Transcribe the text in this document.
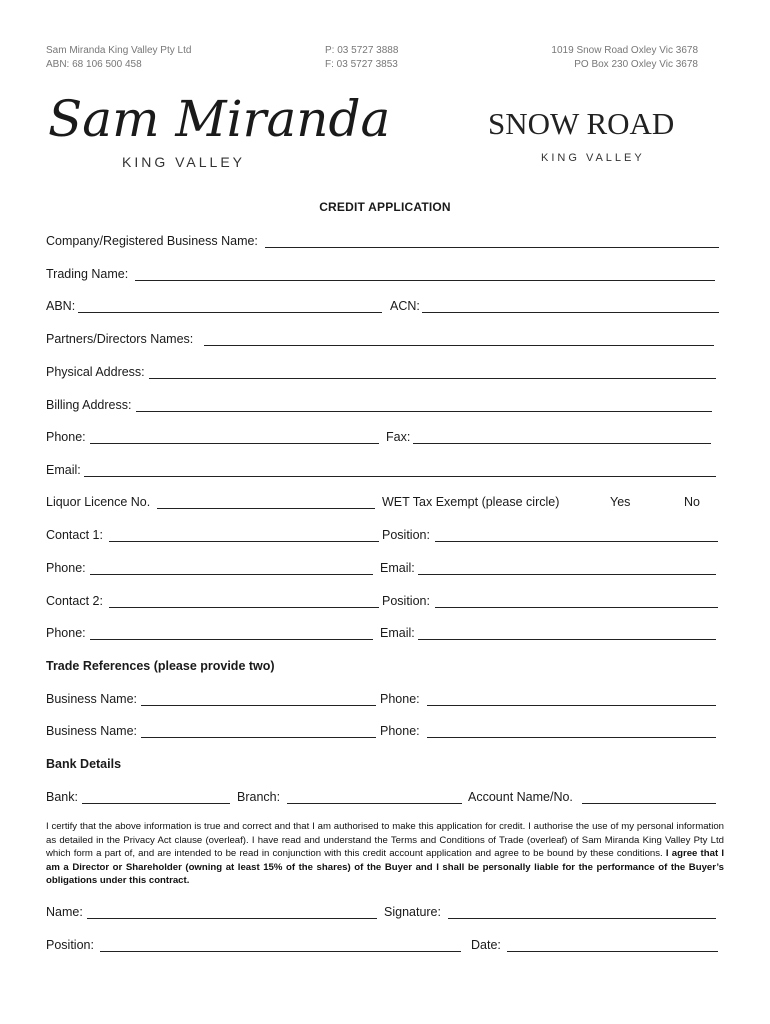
Sam Miranda King Valley Pty Ltd
ABN: 68 106 500 458
P: 03 5727 3888
F: 03 5727 3853
1019 Snow Road Oxley Vic 3678
PO Box 230 Oxley Vic 3678
Sam Miranda
KING VALLEY
SNOW ROAD
KING VALLEY
CREDIT APPLICATION
Company/Registered Business Name:
Trading Name:
ABN:	ACN:
Partners/Directors Names:
Physical Address:
Billing Address:
Phone:	Fax:
Email:
Liquor Licence No.	WET Tax Exempt (please circle)	Yes	No
Contact 1:	Position:
Phone:	Email:
Contact 2:	Position:
Phone:	Email:
Trade References (please provide two)
Business Name:	Phone:
Business Name:	Phone:
Bank Details
Bank:	Branch:	Account Name/No.
I certify that the above information is true and correct and that I am authorised to make this application for credit. I authorise the use of my personal information as detailed in the Privacy Act clause (overleaf). I have read and understand the Terms and Conditions of Trade (overleaf) of Sam Miranda King Valley Pty Ltd which form a part of, and are intended to be read in conjunction with this credit account application and agree to be bound by these conditions. I agree that I am a Director or Shareholder (owning at least 15% of the shares) of the Buyer and I shall be personally liable for the performance of the Buyer’s obligations under this contract.
Name:	Signature:
Position:	Date:
